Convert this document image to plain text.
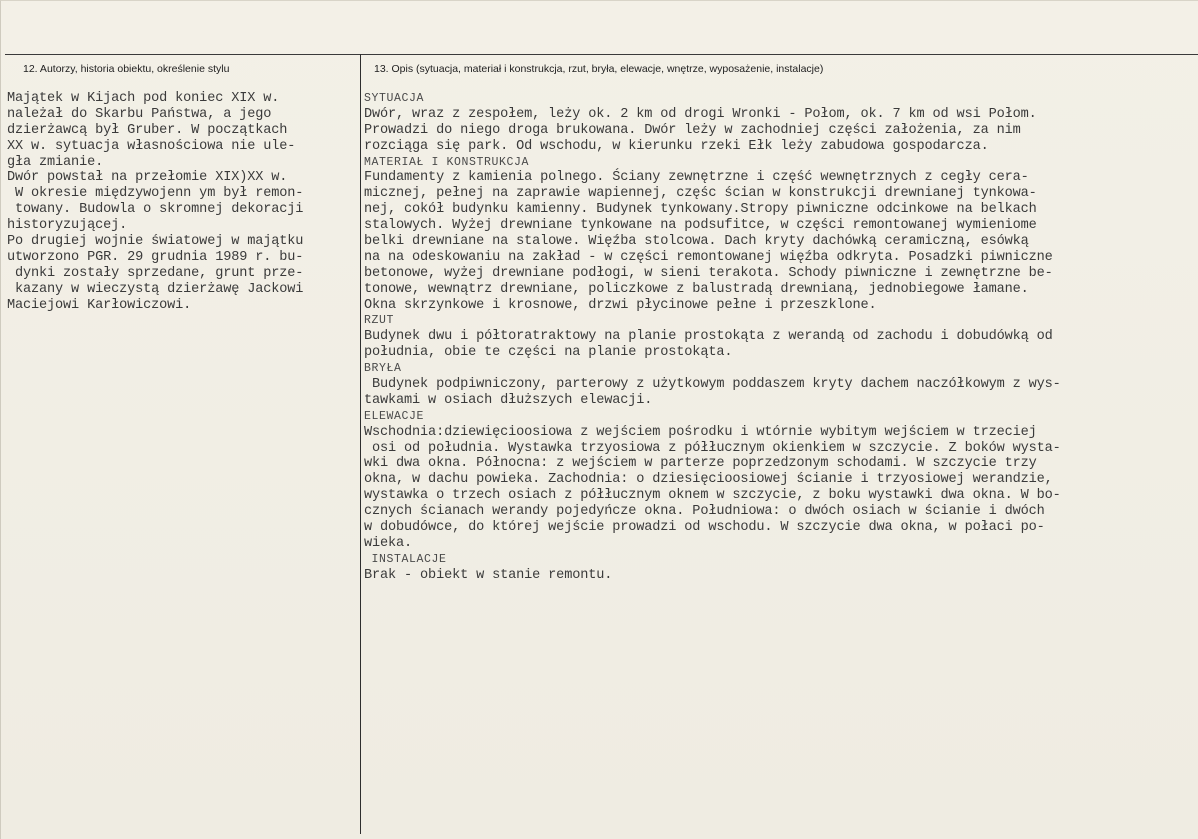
12. Autorzy, historia obiektu, określenie stylu	13. Opis (sytuacja, materiał i konstrukcja, rzut, bryła, elewacje, wnętrze, wyposażenie, instalacje)
Majątek w Kijach pod koniec XIX w.
należał do Skarbu Państwa, a jego
dzierżawcą był Gruber. W początkach
XX w. sytuacja własnościowa nie ule-
gła zmianie.
Dwór powstał na przełomie XIX)XX w.
W okresie międzywojenn ym był remon-
towany. Budowla o skromnej dekoracji
historyzującej.
Po drugiej wojnie światowej w majątku
utworzono PGR. 29 grudnia 1989 r. bu-
dynki zostały sprzedane, grunt prze-
kazany w wieczystą dzierżawę Jackowi
Maciejowi Karłowiczowi.
SYTUACJA
Dwór, wraz z zespołem, leży ok. 2 km od drogi Wronki - Połom, ok. 7 km od wsi Połom.
Prowadzi do niego droga brukowana. Dwór leży w zachodniej części założenia, za nim
rozciąga się park. Od wschodu, w kierunku rzeki Ełk leży zabudowa gospodarcza.
MATERIAŁ I KONSTRUKCJA
Fundamenty z kamienia polnego. Ściany zewnętrzne i część wewnętrznych z cegły cera-
micznej, pełnej na zaprawie wapiennej, częśc ścian w konstrukcji drewnianej tynkowa-
nej, cokół budynku kamienny. Budynek tynkowany.Stropy piwniczne odcinkowe na belkach
stalowych. Wyżej drewniane tynkowane na podsufitce, w części remontowanej wymieniome
belki drewniane na stalowe. Więźba stolcowa. Dach kryty dachówką ceramiczną, esówką
na na odeskowaniu na zakład - w części remontowanej więźba odkryta. Posadzki piwniczne
betonowe, wyżej drewniane podłogi, w sieni terakota. Schody piwniczne i zewnętrzne be-
tonowe, wewnątrz drewniane, policzkowe z balustradą drewnianą, jednobiegowe łamane.
Okna skrzynkowe i krosnowe, drzwi płycinowe pełne i przeszklone.
RZUT
Budynek dwu i półtoratraktowy na planie prostokąta z werandą od zachodu i dobudówką od
południa, obie te części na planie prostokąta.
BRYŁA
Budynek podpiwniczony, parterowy z użytkowym poddaszem kryty dachem naczółkowym z wys-
tawkami w osiach dłuższych elewacji.
ELEWACJE
Wschodnia:dziewięcioosiowa z wejściem pośrodku i wtórnie wybitym wejściem w trzeciej
osi od południa. Wystawka trzyosiowa z półłucznym okienkiem w szczycie. Z boków wysta-
wki dwa okna. Północna: z wejściem w parterze poprzedzonym schodami. W szczycie trzy
okna, w dachu powieka. Zachodnia: o dziesięcioosiowej ścianie i trzyosiowej werandzie,
wystawka o trzech osiach z półłucznym oknem w szczycie, z boku wystawki dwa okna. W bo-
cznych ścianach werandy pojedyńcze okna. Południowa: o dwóch osiach w ścianie i dwóch
w dobudówce, do której wejście prowadzi od wschodu. W szczycie dwa okna, w połaci po-
wieka.
INSTALACJE
Brak - obiekt w stanie remontu.
